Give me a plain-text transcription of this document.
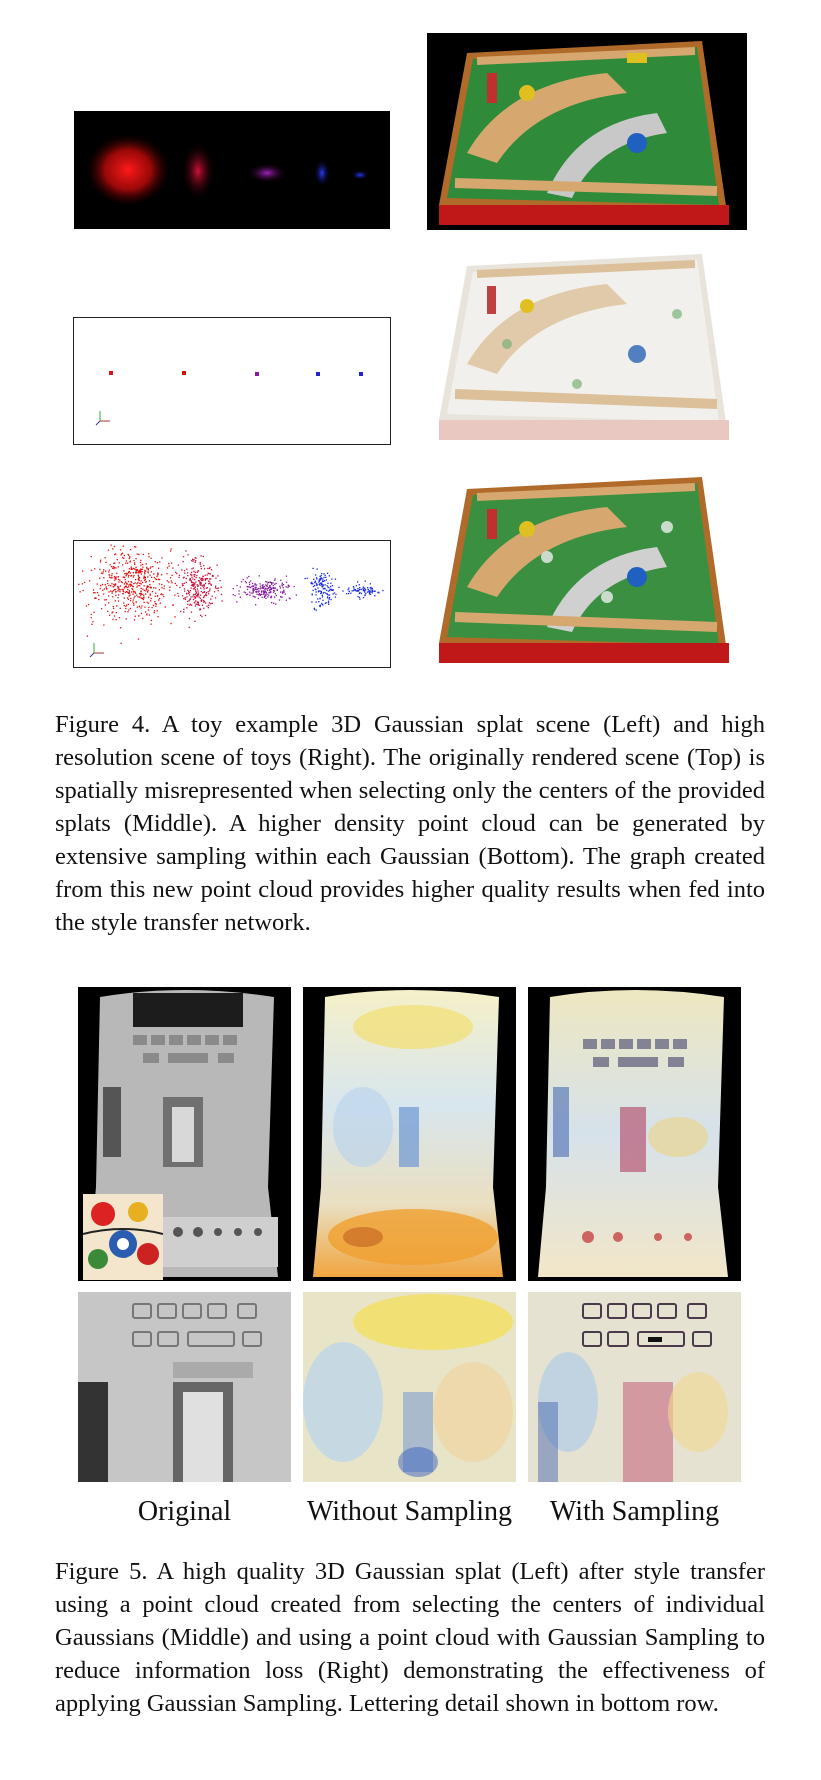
Figure 4. A toy example 3D Gaussian splat scene (Left) and high resolution scene of toys (Right). The originally rendered scene (Top) is spatially misrepresented when selecting only the centers of the provided splats (Middle). A higher density point cloud can be generated by extensive sampling within each Gaussian (Bottom). The graph created from this new point cloud provides higher quality results when fed into the style transfer network.
Original	Without Sampling	With Sampling
Figure 5. A high quality 3D Gaussian splat (Left) after style transfer using a point cloud created from selecting the centers of individual Gaussians (Middle) and using a point cloud with Gaussian Sampling to reduce information loss (Right) demonstrating the effectiveness of applying Gaussian Sampling. Lettering detail shown in bottom row.
